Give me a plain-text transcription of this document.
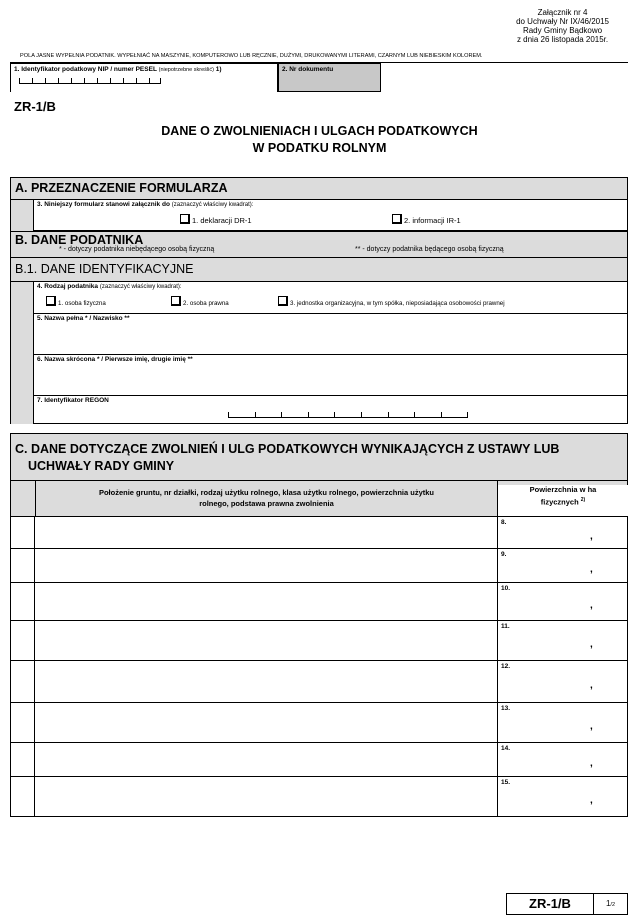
Załącznik nr 4
do Uchwały Nr IX/46/2015
Rady Gminy Bądkowo
z dnia 26 listopada 2015r.
POLA JASNE WYPEŁNIA PODATNIK. WYPEŁNIAĆ NA MASZYNIE, KOMPUTEROWO LUB RĘCZNIE, DUŻYMI, DRUKOWANYMI LITERAMI, CZARNYM LUB NIEBIESKIM KOLOREM.
1. Identyfikator podatkowy NIP / numer PESEL (niepotrzebne skreślić) 1)	2. Nr dokumentu
ZR-1/B
DANE O ZWOLNIENIACH I ULGACH PODATKOWYCH
W PODATKU ROLNYM
A. PRZEZNACZENIE FORMULARZA
3. Niniejszy formularz stanowi załącznik do (zaznaczyć właściwy kwadrat):
1. deklaracji DR-1	2. informacji IR-1
B. DANE PODATNIKA
* - dotyczy podatnika niebędącego osobą fizyczną	** - dotyczy podatnika będącego osobą fizyczną
B.1. DANE IDENTYFIKACYJNE
4. Rodzaj podatnika (zaznaczyć właściwy kwadrat):
1. osoba fizyczna	2. osoba prawna	3. jednostka organizacyjna, w tym spółka, nieposiadająca osobowości prawnej
5. Nazwa pełna * / Nazwisko **
6. Nazwa skrócona * / Pierwsze imię, drugie imię **
7. Identyfikator REGON
C. DANE DOTYCZĄCE ZWOLNIEŃ I ULG PODATKOWYCH WYNIKAJĄCYCH Z USTAWY LUB
UCHWAŁY RADY GMINY
Położenie gruntu, nr działki, rodzaj użytku rolnego, klasa użytku rolnego, powierzchnia użytku
rolnego, podstawa prawna zwolnienia
Powierzchnia w ha
fizycznych $^{2)}$
8.
,
9.
,
10.
,
11.
,
12.
,
13.
,
14.
,
15.
,
ZR-1/B	1/2
